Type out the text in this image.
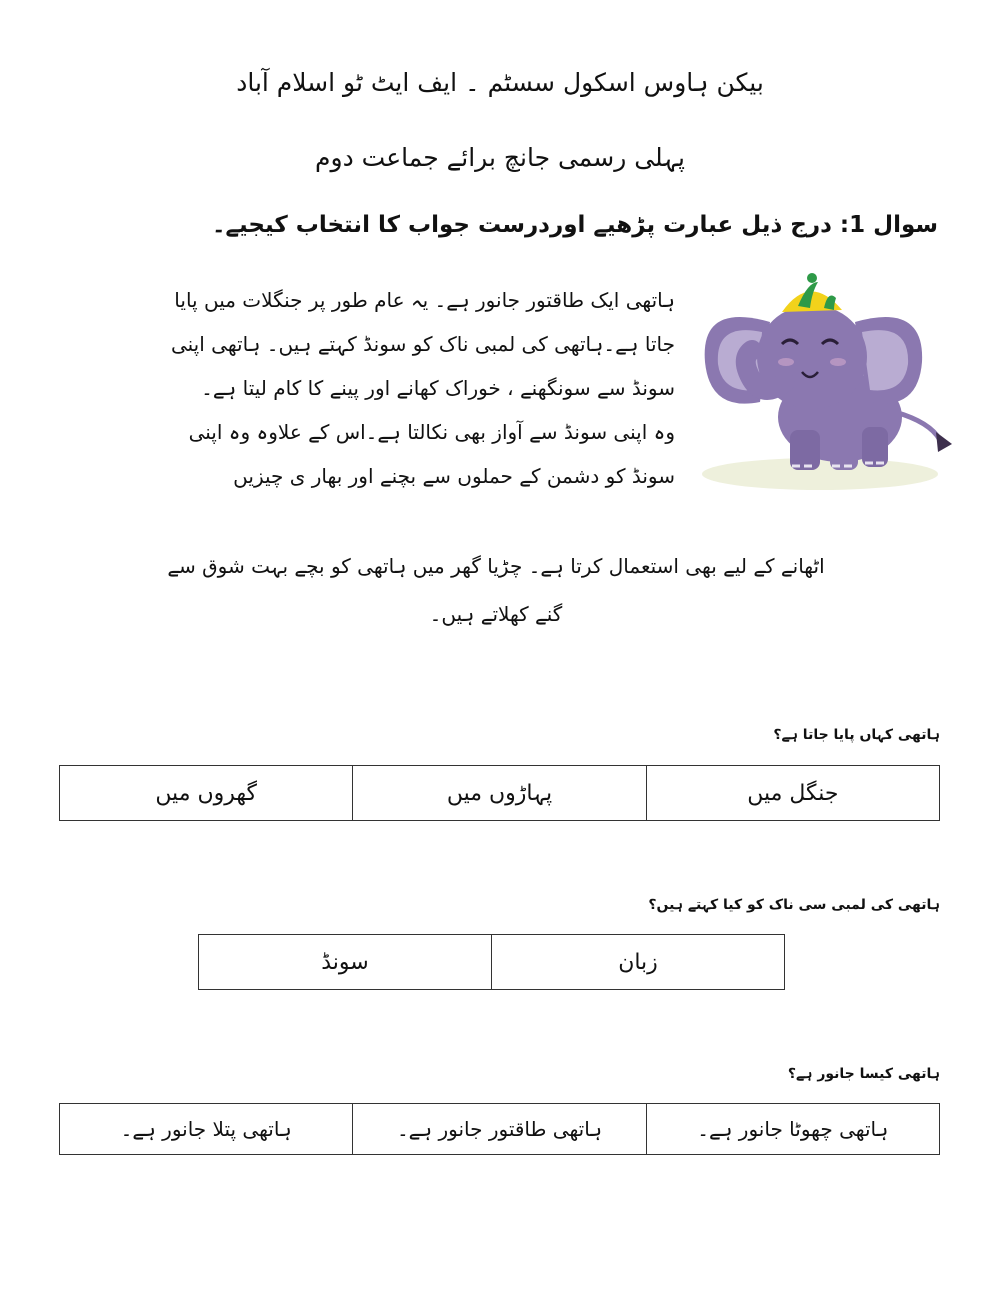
بیکن ہاوس اسکول سسٹم ۔ ایف ایٹ ٹو اسلام آباد
پہلی رسمی جانچ برائے جماعت دوم
سوال 1: درج ذیل عبارت پڑھیے اوردرست جواب کا انتخاب کیجیے۔
ہاتھی ایک طاقتور جانور ہے۔ یہ عام طور پر جنگلات میں پایا
جاتا ہے۔ہاتھی کی لمبی ناک کو سونڈ کہتے ہیں۔ ہاتھی اپنی
سونڈ سے سونگھنے ، خوراک کھانے اور پینے کا کام لیتا ہے۔
وہ اپنی سونڈ سے آواز بھی نکالتا ہے۔اس کے علاوہ وہ اپنی
سونڈ کو دشمن کے حملوں سے بچنے اور بھار ی چیزیں
اٹھانے کے لیے بھی استعمال کرتا ہے۔ چڑیا گھر میں ہاتھی کو بچے بہت شوق سے
گنے کھلاتے ہیں۔
ہاتھی کہاں پایا جاتا ہے؟
جنگل میں	پہاڑوں میں	گھروں میں
ہاتھی کی لمبی سی ناک کو کیا کہتے ہیں؟
زبان	سونڈ
ہاتھی کیسا جانور ہے؟
ہاتھی چھوٹا جانور ہے۔	ہاتھی طاقتور جانور ہے۔	ہاتھی پتلا جانور ہے۔
